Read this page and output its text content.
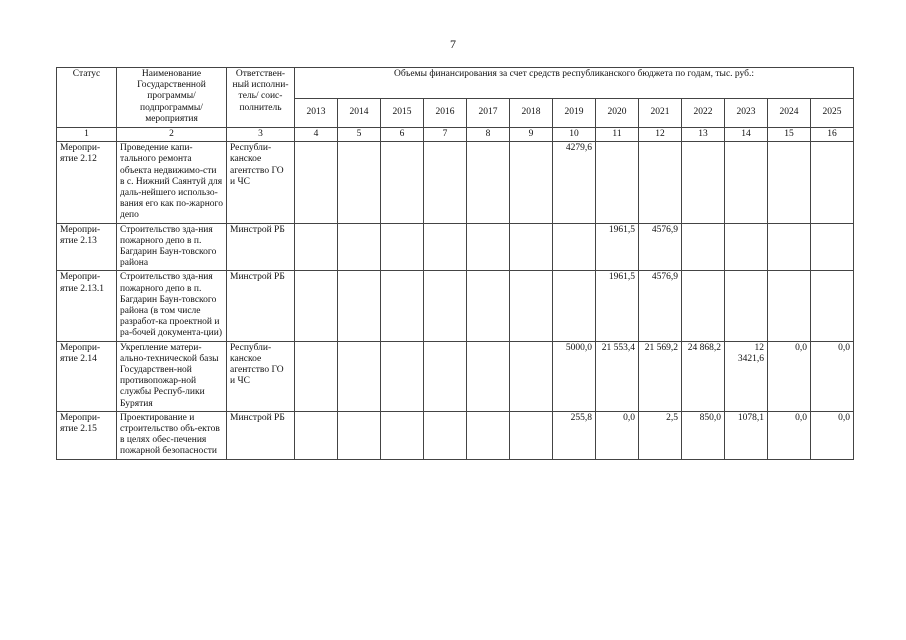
7
Статус	Наименование Государственной программы/ подпрограммы/ мероприятия	Ответствен-ный исполни-тель/ соис-полнитель	Объемы финансирования за счет средств республиканского бюджета по годам, тыс. руб.:												
			2013	2014	2015	2016	2017	2018	2019	2020	2021	2022	2023	2024	2025
1	2	3	4	5	6	7	8	9	10	11	12	13	14	15	16
Меропри-ятие 2.12	Проведение капи-тального ремонта объекта недвижимо-сти в с. Нижний Саянтуй для даль-нейшего использо-вания его как по-жарного депо	Республи-канское агентство ГО и ЧС							4279,6						
Меропри-ятие 2.13	Строительство зда-ния пожарного депо в п. Багдарин Баун-товского района	Минстрой РБ								1961,5	4576,9				
Меропри-ятие 2.13.1	Строительство зда-ния пожарного депо в п. Багдарин Баун-товского района (в том числе разработ-ка проектной и ра-бочей документа-ции)	Минстрой РБ								1961,5	4576,9				
Меропри-ятие 2.14	Укрепление матери-ально-технической базы Государствен-ной противопожар-ной службы Респуб-лики Бурятия	Республи-канское агентство ГО и ЧС							5000,0	21 553,4	21 569,2	24 868,2	12 3421,6	0,0	0,0
Меропри-ятие 2.15	Проектирование и строительство объ-ектов в целях обес-печения пожарной безопасности	Минстрой РБ							255,8	0,0	2,5	850,0	1078,1	0,0	0,0
